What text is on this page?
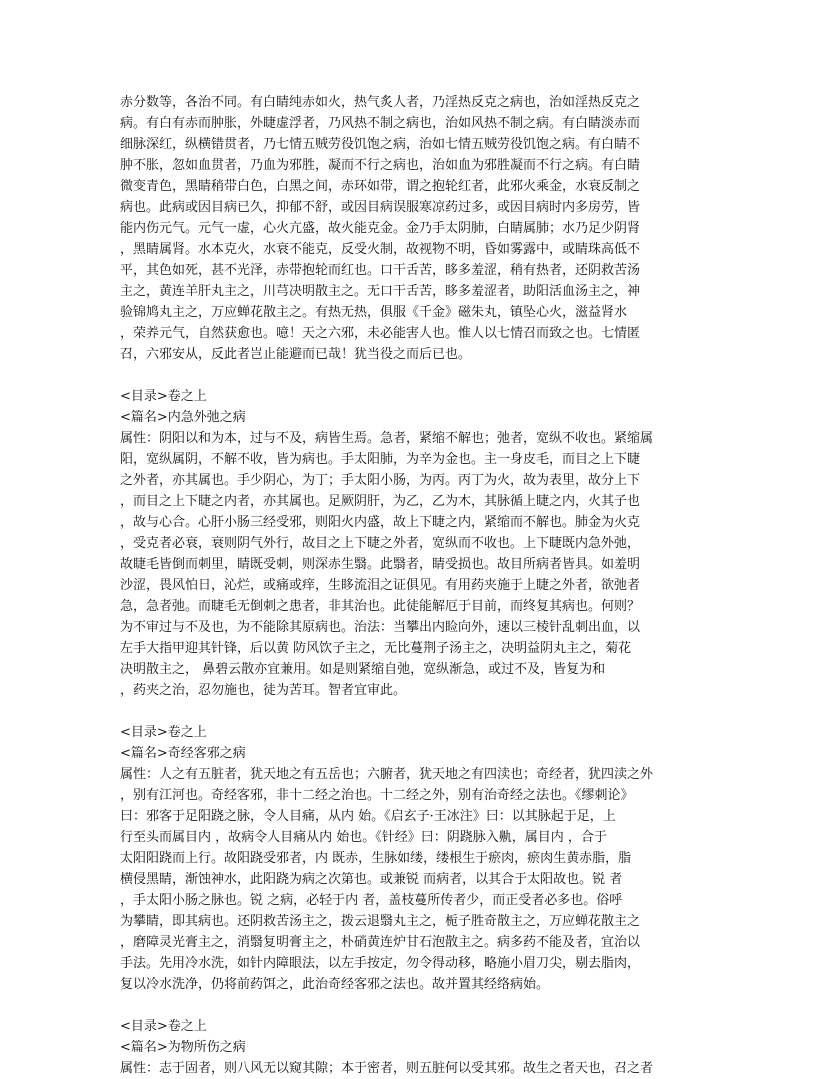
赤分数等，各治不同。有白睛纯赤如火，热气炙人者，乃淫热反克之病也，治如淫热反克之
病。有白有赤而肿胀，外睫虚浮者，乃风热不制之病也，治如风热不制之病。有白睛淡赤而
细脉深红，纵横错贯者，乃七情五贼劳役饥饱之病，治如七情五贼劳役饥饱之病。有白睛不
肿不胀，忽如血贯者，乃血为邪胜，凝而不行之病也，治如血为邪胜凝而不行之病。有白睛
微变青色，黑睛稍带白色，白黑之间，赤环如带，谓之抱轮红者，此邪火乘金，水衰反制之
病也。此病或因目病已久，抑郁不舒，或因目病误服寒凉药过多，或因目病时内多房劳，皆
能内伤元气。元气一虚，心火亢盛，故火能克金。金乃手太阴肺，白睛属肺；水乃足少阴肾
，黑睛属肾。水本克火，水衰不能克，反受火制，故视物不明，昏如雾露中，或睛珠高低不
平，其色如死，甚不光泽，赤带抱轮而红也。口干舌苦，眵多羞涩，稍有热者，还阴救苦汤
主之，黄连羊肝丸主之，川芎决明散主之。无口干舌苦，眵多羞涩者，助阳活血汤主之，神
验锦鸠丸主之，万应蝉花散主之。有热无热，俱服《千金》磁朱丸，镇坠心火，滋益肾水
，荣养元气，自然获愈也。噫！天之六邪，未必能害人也。惟人以七情召而致之也。七情匿
召，六邪安从，反此者岂止能避而已哉！犹当役之而后已也。
<目录>卷之上
<篇名>内急外弛之病
属性：阴阳以和为本，过与不及，病皆生焉。急者，紧缩不解也；弛者，宽纵不收也。紧缩属
阳，宽纵属阴，不解不收，皆为病也。手太阳肺，为辛为金也。主一身皮毛，而目之上下睫
之外者，亦其属也。手少阴心，为丁；手太阳小肠，为丙。丙丁为火，故为表里，故分上下
，而目之上下睫之内者，亦其属也。足厥阴肝，为乙，乙为木，其脉循上睫之内，火其子也
，故与心合。心肝小肠三经受邪，则阳火内盛，故上下睫之内，紧缩而不解也。肺金为火克
，受克者必衰，衰则阴气外行，故目之上下睫之外者，宽纵而不收也。上下睫既内急外弛，
故睫毛皆倒而刺里，睛既受刺，则深赤生翳。此翳者，睛受损也。故目所病者皆具。如羞明
沙涩，畏风怕日，沁烂，或痛或痒，生眵流泪之证俱见。有用药夹施于上睫之外者，欲弛者
急，急者弛。而睫毛无倒刺之患者，非其治也。此徒能解厄于目前，而终复其病也。何则？
为不审过与不及也，为不能除其原病也。治法：当攀出内睑向外，速以三棱针乱刺出血，以
左手大指甲迎其针锋，后以黄 防风饮子主之，无比蔓荆子汤主之，决明益阴丸主之，菊花
决明散主之， 鼻碧云散亦宜兼用。如是则紧缩自弛，宽纵渐急，或过不及，皆复为和
，药夹之治，忍勿施也，徒为苦耳。智者宜审此。
<目录>卷之上
<篇名>奇经客邪之病
属性：人之有五脏者，犹天地之有五岳也；六腑者，犹天地之有四渎也；奇经者，犹四渎之外
，别有江河也。奇经客邪，非十二经之治也。十二经之外，别有治奇经之法也。《缪刺论》
曰：邪客于足阳跷之脉，令人目痛，从内 始。《启玄子·王冰注》曰：以其脉起于足，上
行至头而属目内 ，故病令人目痛从内 始也。《针经》曰：阴跷脉入鼽，属目内 ，合于
太阳阳跷而上行。故阳跷受邪者，内 既赤，生脉如缕，缕根生于瘀肉，瘀肉生黄赤脂，脂
横侵黑睛，渐蚀神水，此阳跷为病之次第也。或兼锐 而病者，以其合于太阳故也。锐 者
，手太阳小肠之脉也。锐 之病，必轻于内 者，盖枝蔓所传者少，而正受者必多也。俗呼
为攀睛，即其病也。还阴救苦汤主之，拨云退翳丸主之，栀子胜奇散主之，万应蝉花散主之
，磨障灵光膏主之，消翳复明膏主之，朴硝黄连炉甘石泡散主之。病多药不能及者，宜治以
手法。先用冷水洗，如针内障眼法，以左手按定，勿令得动移，略施小眉刀尖，剔去脂肉，
复以冷水洗净，仍将前药饵之，此治奇经客邪之法也。故并置其经络病始。
<目录>卷之上
<篇名>为物所伤之病
属性：志于固者，则八风无以窥其隙；本于密者，则五脏何以受其邪。故生之者天也，召之者
